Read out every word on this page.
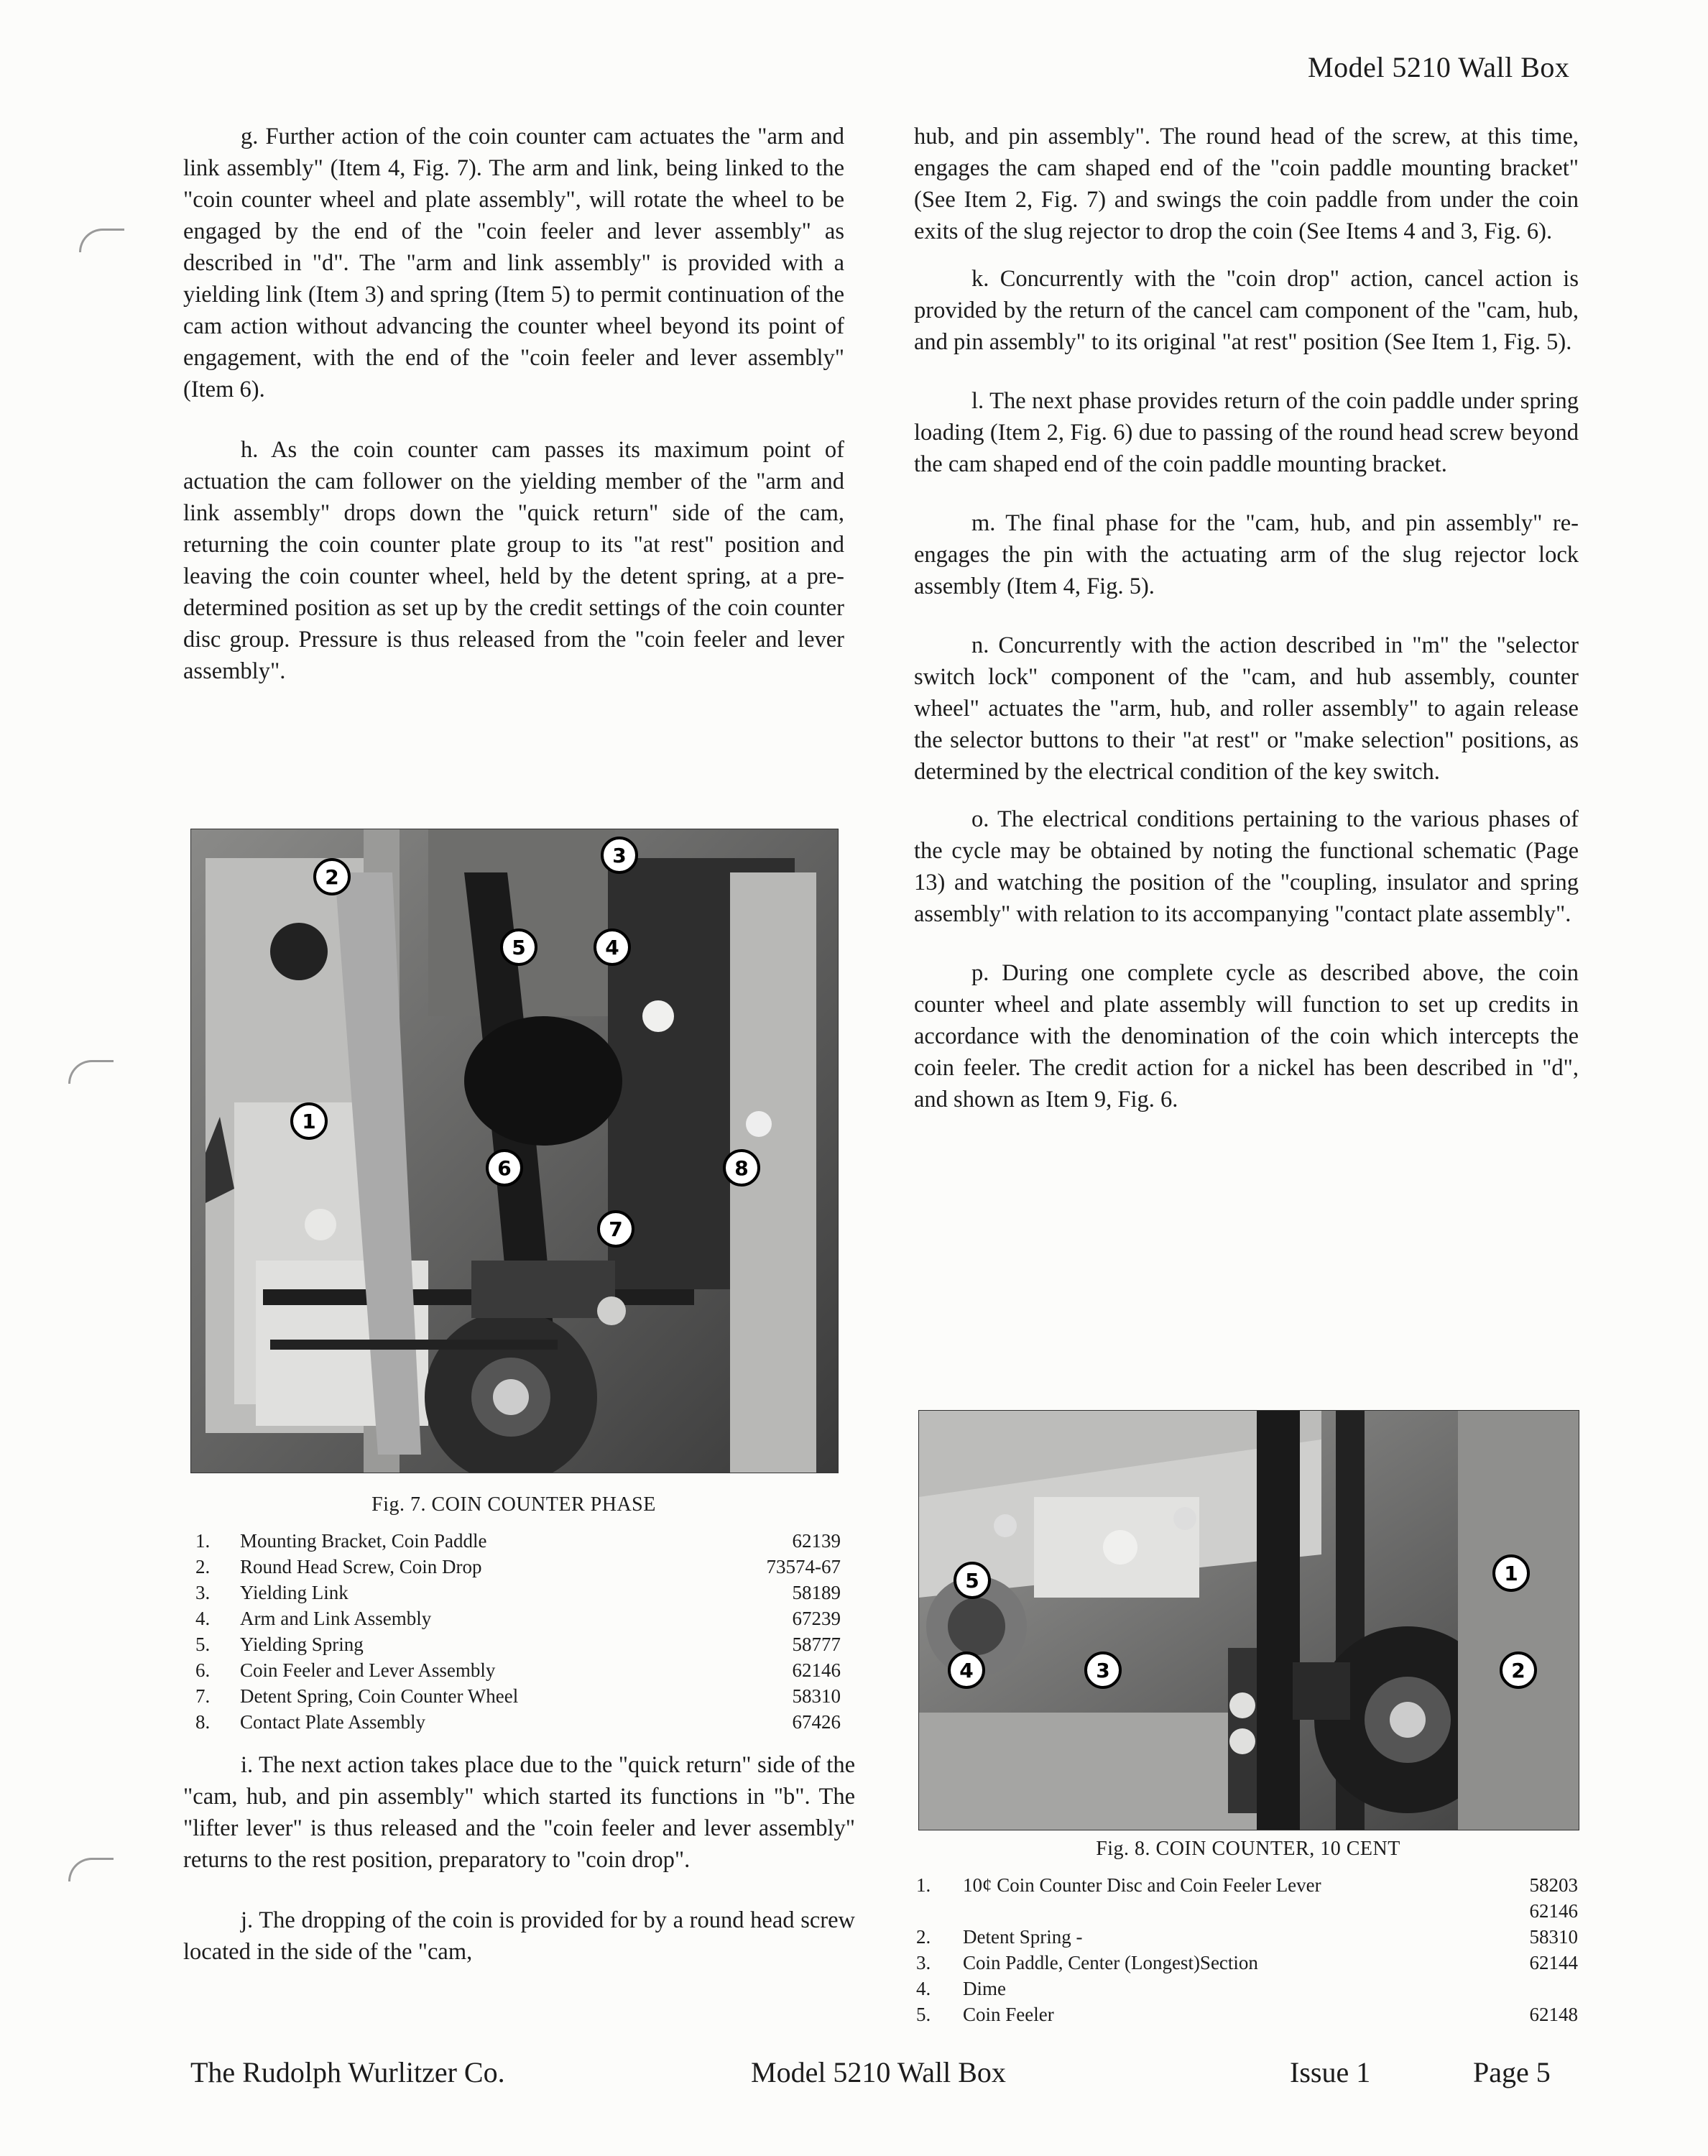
Model 5210 Wall Box

g. Further action of the coin counter cam actuates the "arm and link assembly" (Item 4, Fig. 7). The arm and link, being linked to the "coin counter wheel and plate assembly", will rotate the wheel to be engaged by the end of the "coin feeler and lever assembly" as described in "d". The "arm and link assembly" is provided with a yielding link (Item 3) and spring (Item 5) to permit continuation of the cam action without advancing the counter wheel beyond its point of engagement, with the end of the "coin feeler and lever assembly" (Item 6).

h. As the coin counter cam passes its maximum point of actuation the cam follower on the yielding member of the "arm and link assembly" drops down the "quick return" side of the cam, returning the coin counter plate group to its "at rest" position and leaving the coin counter wheel, held by the detent spring, at a pre-determined position as set up by the credit settings of the coin counter disc group. Pressure is thus released from the "coin feeler and lever assembly".

2
3
5	4
1
6	8
7
Fig. 7. COIN COUNTER PHASE
1. Mounting Bracket, Coin Paddle	62139
2. Round Head Screw, Coin Drop	73574-67
3. Yielding Link	58189
4. Arm and Link Assembly	67239
5. Yielding Spring	58777
6. Coin Feeler and Lever Assembly	62146
7. Detent Spring, Coin Counter Wheel	58310
8. Contact Plate Assembly	67426

i. The next action takes place due to the "quick return" side of the "cam, hub, and pin assembly" which started its functions in "b". The "lifter lever" is thus released and the "coin feeler and lever assembly" returns to the rest position, preparatory to "coin drop".

j. The dropping of the coin is provided for by a round head screw located in the side of the "cam,

hub, and pin assembly". The round head of the screw, at this time, engages the cam shaped end of the "coin paddle mounting bracket" (See Item 2, Fig. 7) and swings the coin paddle from under the coin exits of the slug rejector to drop the coin (See Items 4 and 3, Fig. 6).

k. Concurrently with the "coin drop" action, cancel action is provided by the return of the cancel cam component of the "cam, hub, and pin assembly" to its original "at rest" position (See Item 1, Fig. 5).

l. The next phase provides return of the coin paddle under spring loading (Item 2, Fig. 6) due to passing of the round head screw beyond the cam shaped end of the coin paddle mounting bracket.

m. The final phase for the "cam, hub, and pin assembly" re-engages the pin with the actuating arm of the slug rejector lock assembly (Item 4, Fig. 5).

n. Concurrently with the action described in "m" the "selector switch lock" component of the "cam, and hub assembly, counter wheel" actuates the "arm, hub, and roller assembly" to again release the selector buttons to their "at rest" or "make selection" positions, as determined by the electrical condition of the key switch.

o. The electrical conditions pertaining to the various phases of the cycle may be obtained by noting the functional schematic (Page 13) and watching the position of the "coupling, insulator and spring assembly" with relation to its accompanying "contact plate assembly".

p. During one complete cycle as described above, the coin counter wheel and plate assembly will function to set up credits in accordance with the denomination of the coin which intercepts the coin feeler. The credit action for a nickel has been described in "d", and shown as Item 9, Fig. 6.

5	1
4	3	2
Fig. 8. COIN COUNTER, 10 CENT
1. 10¢ Coin Counter Disc and Coin Feeler Lever	58203
62146
2. Detent Spring -	58310
3. Coin Paddle, Center (Longest)Section	62144
4. Dime
5. Coin Feeler	62148
The Rudolph Wurlitzer Co.	Model 5210 Wall Box	Issue 1	Page 5
